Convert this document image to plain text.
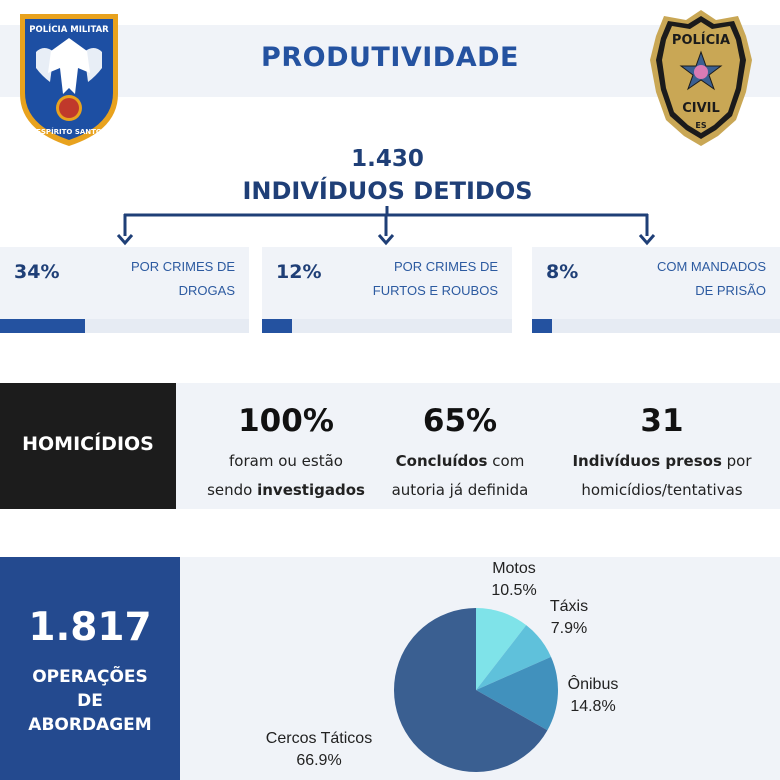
PRODUTIVIDADE
POLÍCIA MILITAR
ESPÍRITO SANTO
POLÍCIA
CIVIL
ES
1.430
INDIVÍDUOS DETIDOS
34%	POR CRIMES DE
DROGAS
12%	POR CRIMES DE
FURTOS E ROUBOS
8%	COM MANDADOS
DE PRISÃO
HOMICÍDIOS
100%
foram ou estão
sendo investigados
65%
Concluídos com
autoria já definida
31
Indivíduos presos por
homicídios/tentativas
1.817
OPERAÇÕES
DE
ABORDAGEM
Motos
10.5%
Táxis
7.9%
Ônibus
14.8%
Cercos Táticos
66.9%
